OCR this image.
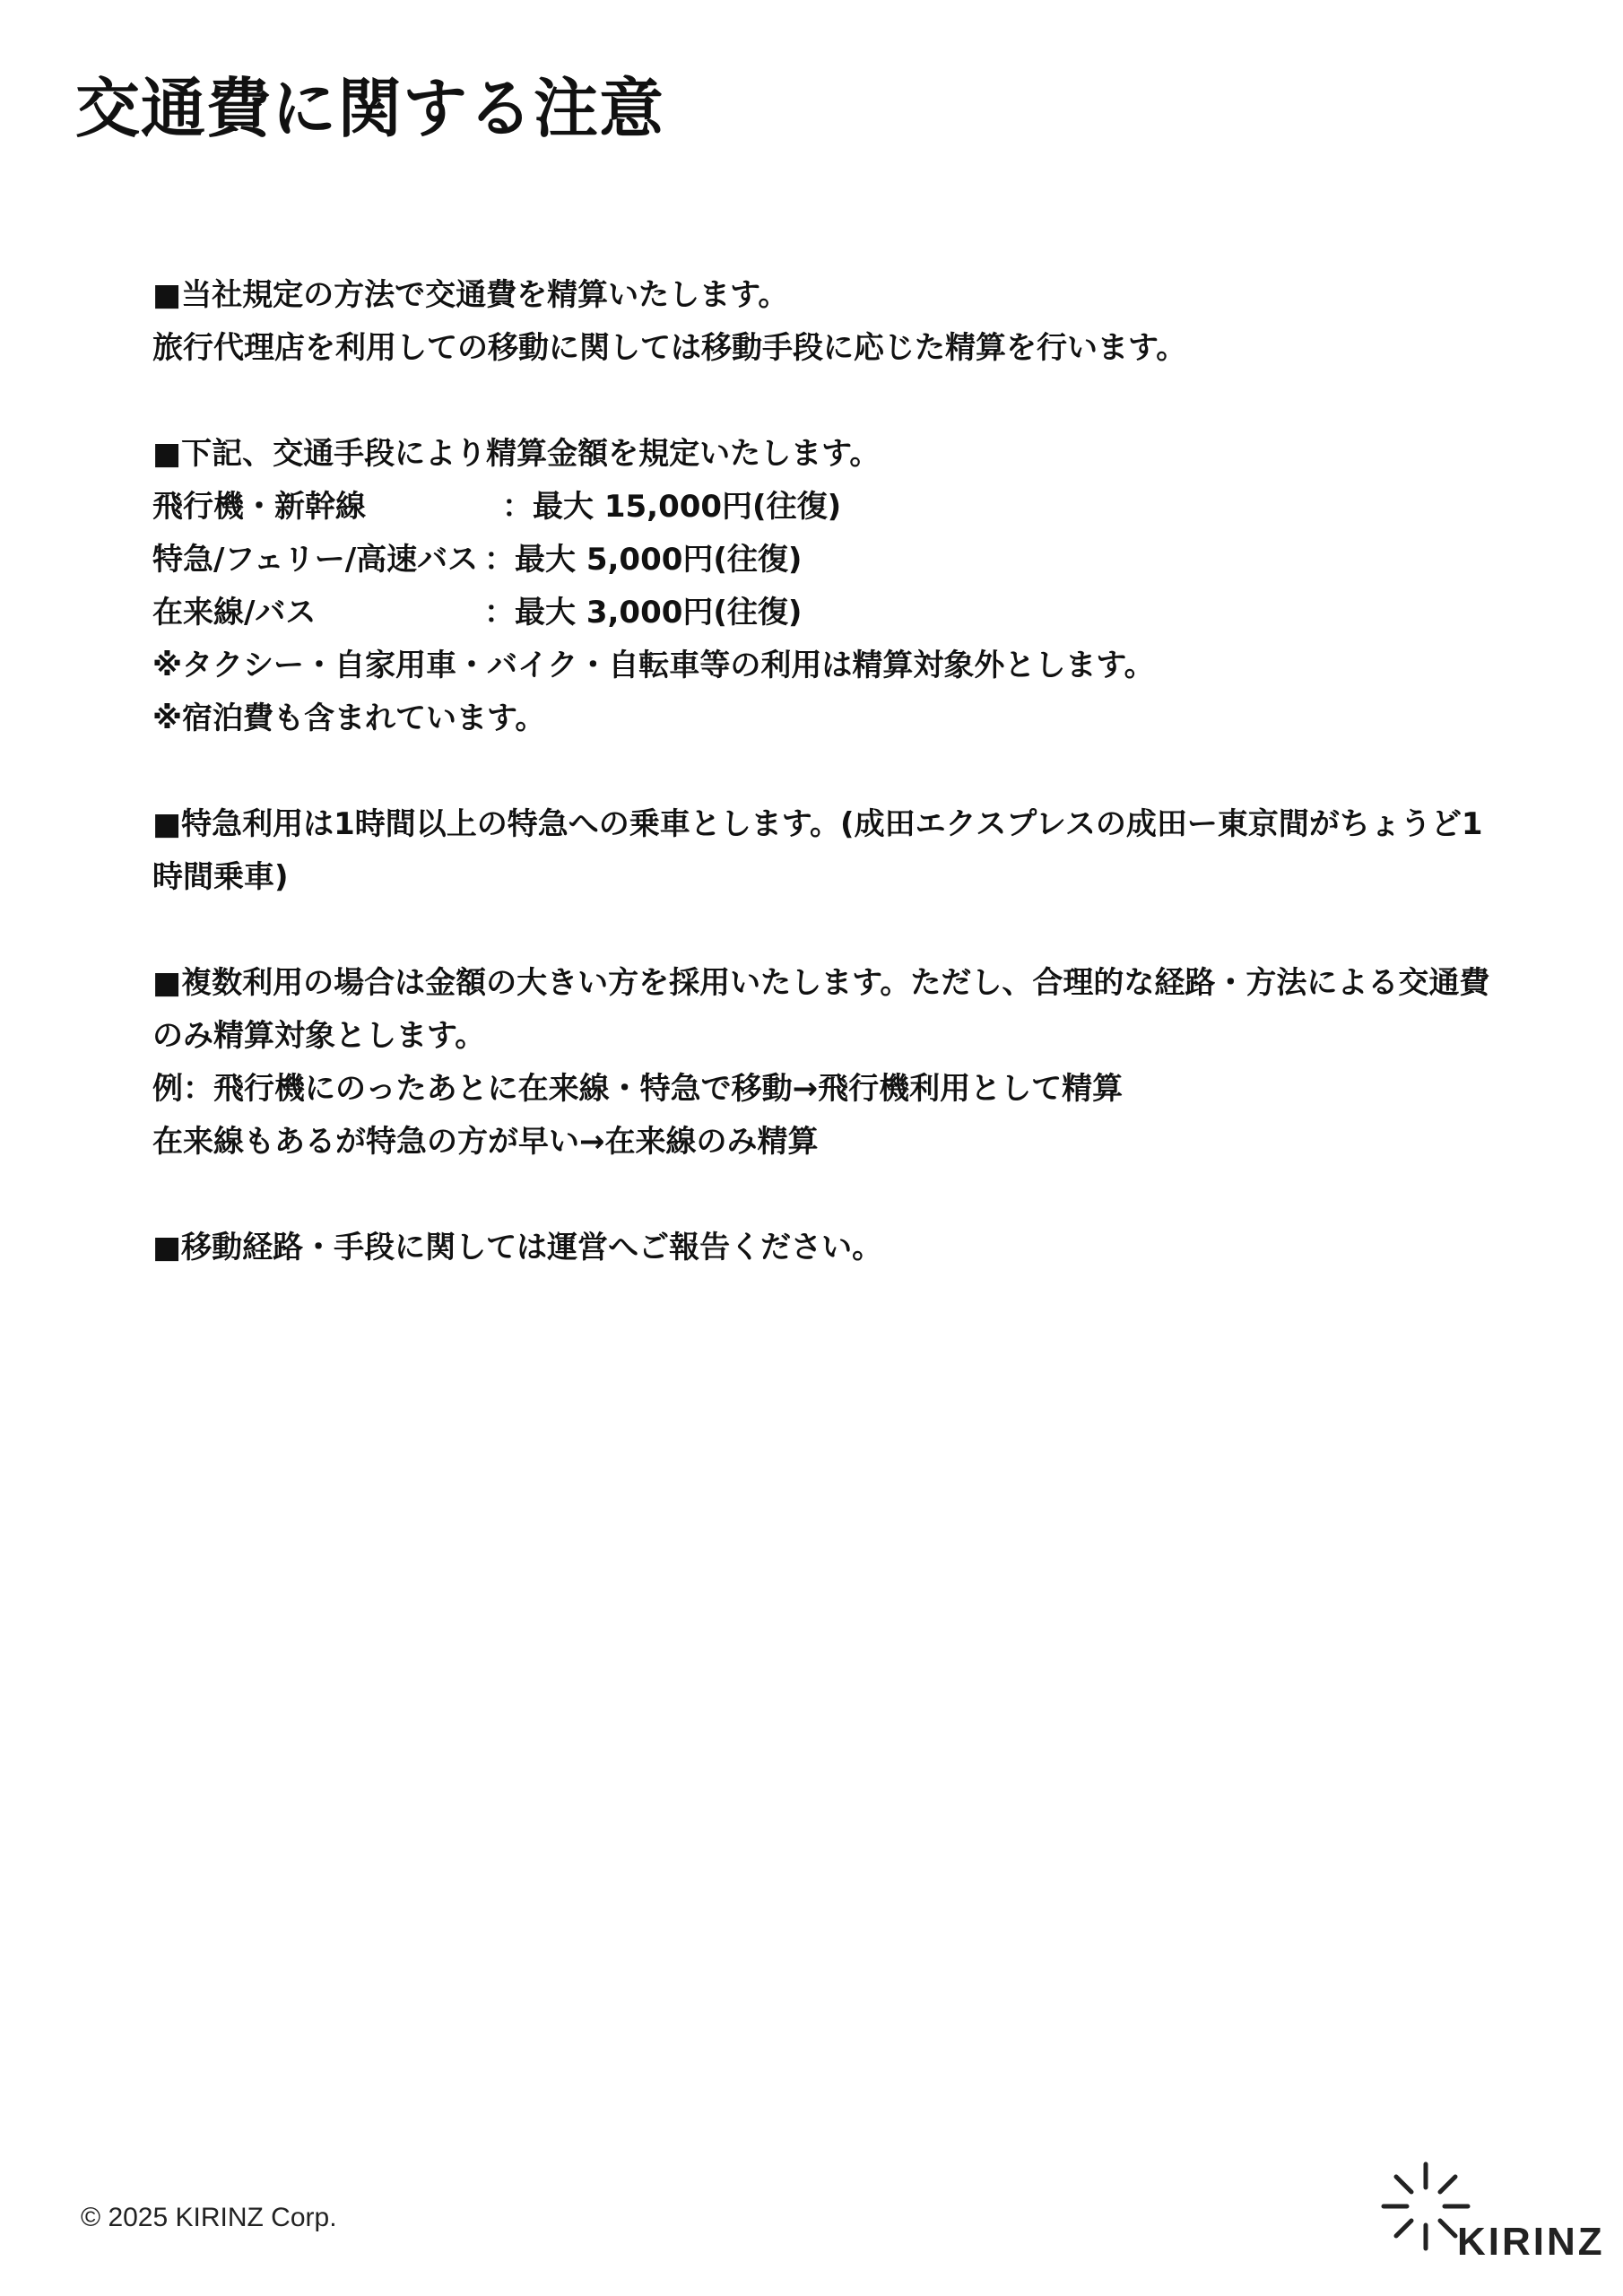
交通費に関する注意
■当社規定の方法で交通費を精算いたします。
旅行代理店を利用しての移動に関しては移動手段に応じた精算を行います。
■下記、交通手段により精算金額を規定いたします。
飛行機・新幹線	：最大 15,000円(往復)
特急/フェリー/高速バス ：最大 5,000円(往復)
在来線/バス	：最大 3,000円(往復)
※タクシー・自家用車・バイク・自転車等の利用は精算対象外とします。
※宿泊費も含まれています。
■特急利用は1時間以上の特急への乗車とします。(成田エクスプレスの成田ー東京間がちょうど1
時間乗車)
■複数利用の場合は金額の大きい方を採用いたします。ただし、合理的な経路・方法による交通費
のみ精算対象とします。
例：飛行機にのったあとに在来線・特急で移動→飛行機利用として精算
在来線もあるが特急の方が早い→在来線のみ精算
■移動経路・手段に関しては運営へご報告ください。
© 2025 KIRINZ Corp.
KIRINZ
